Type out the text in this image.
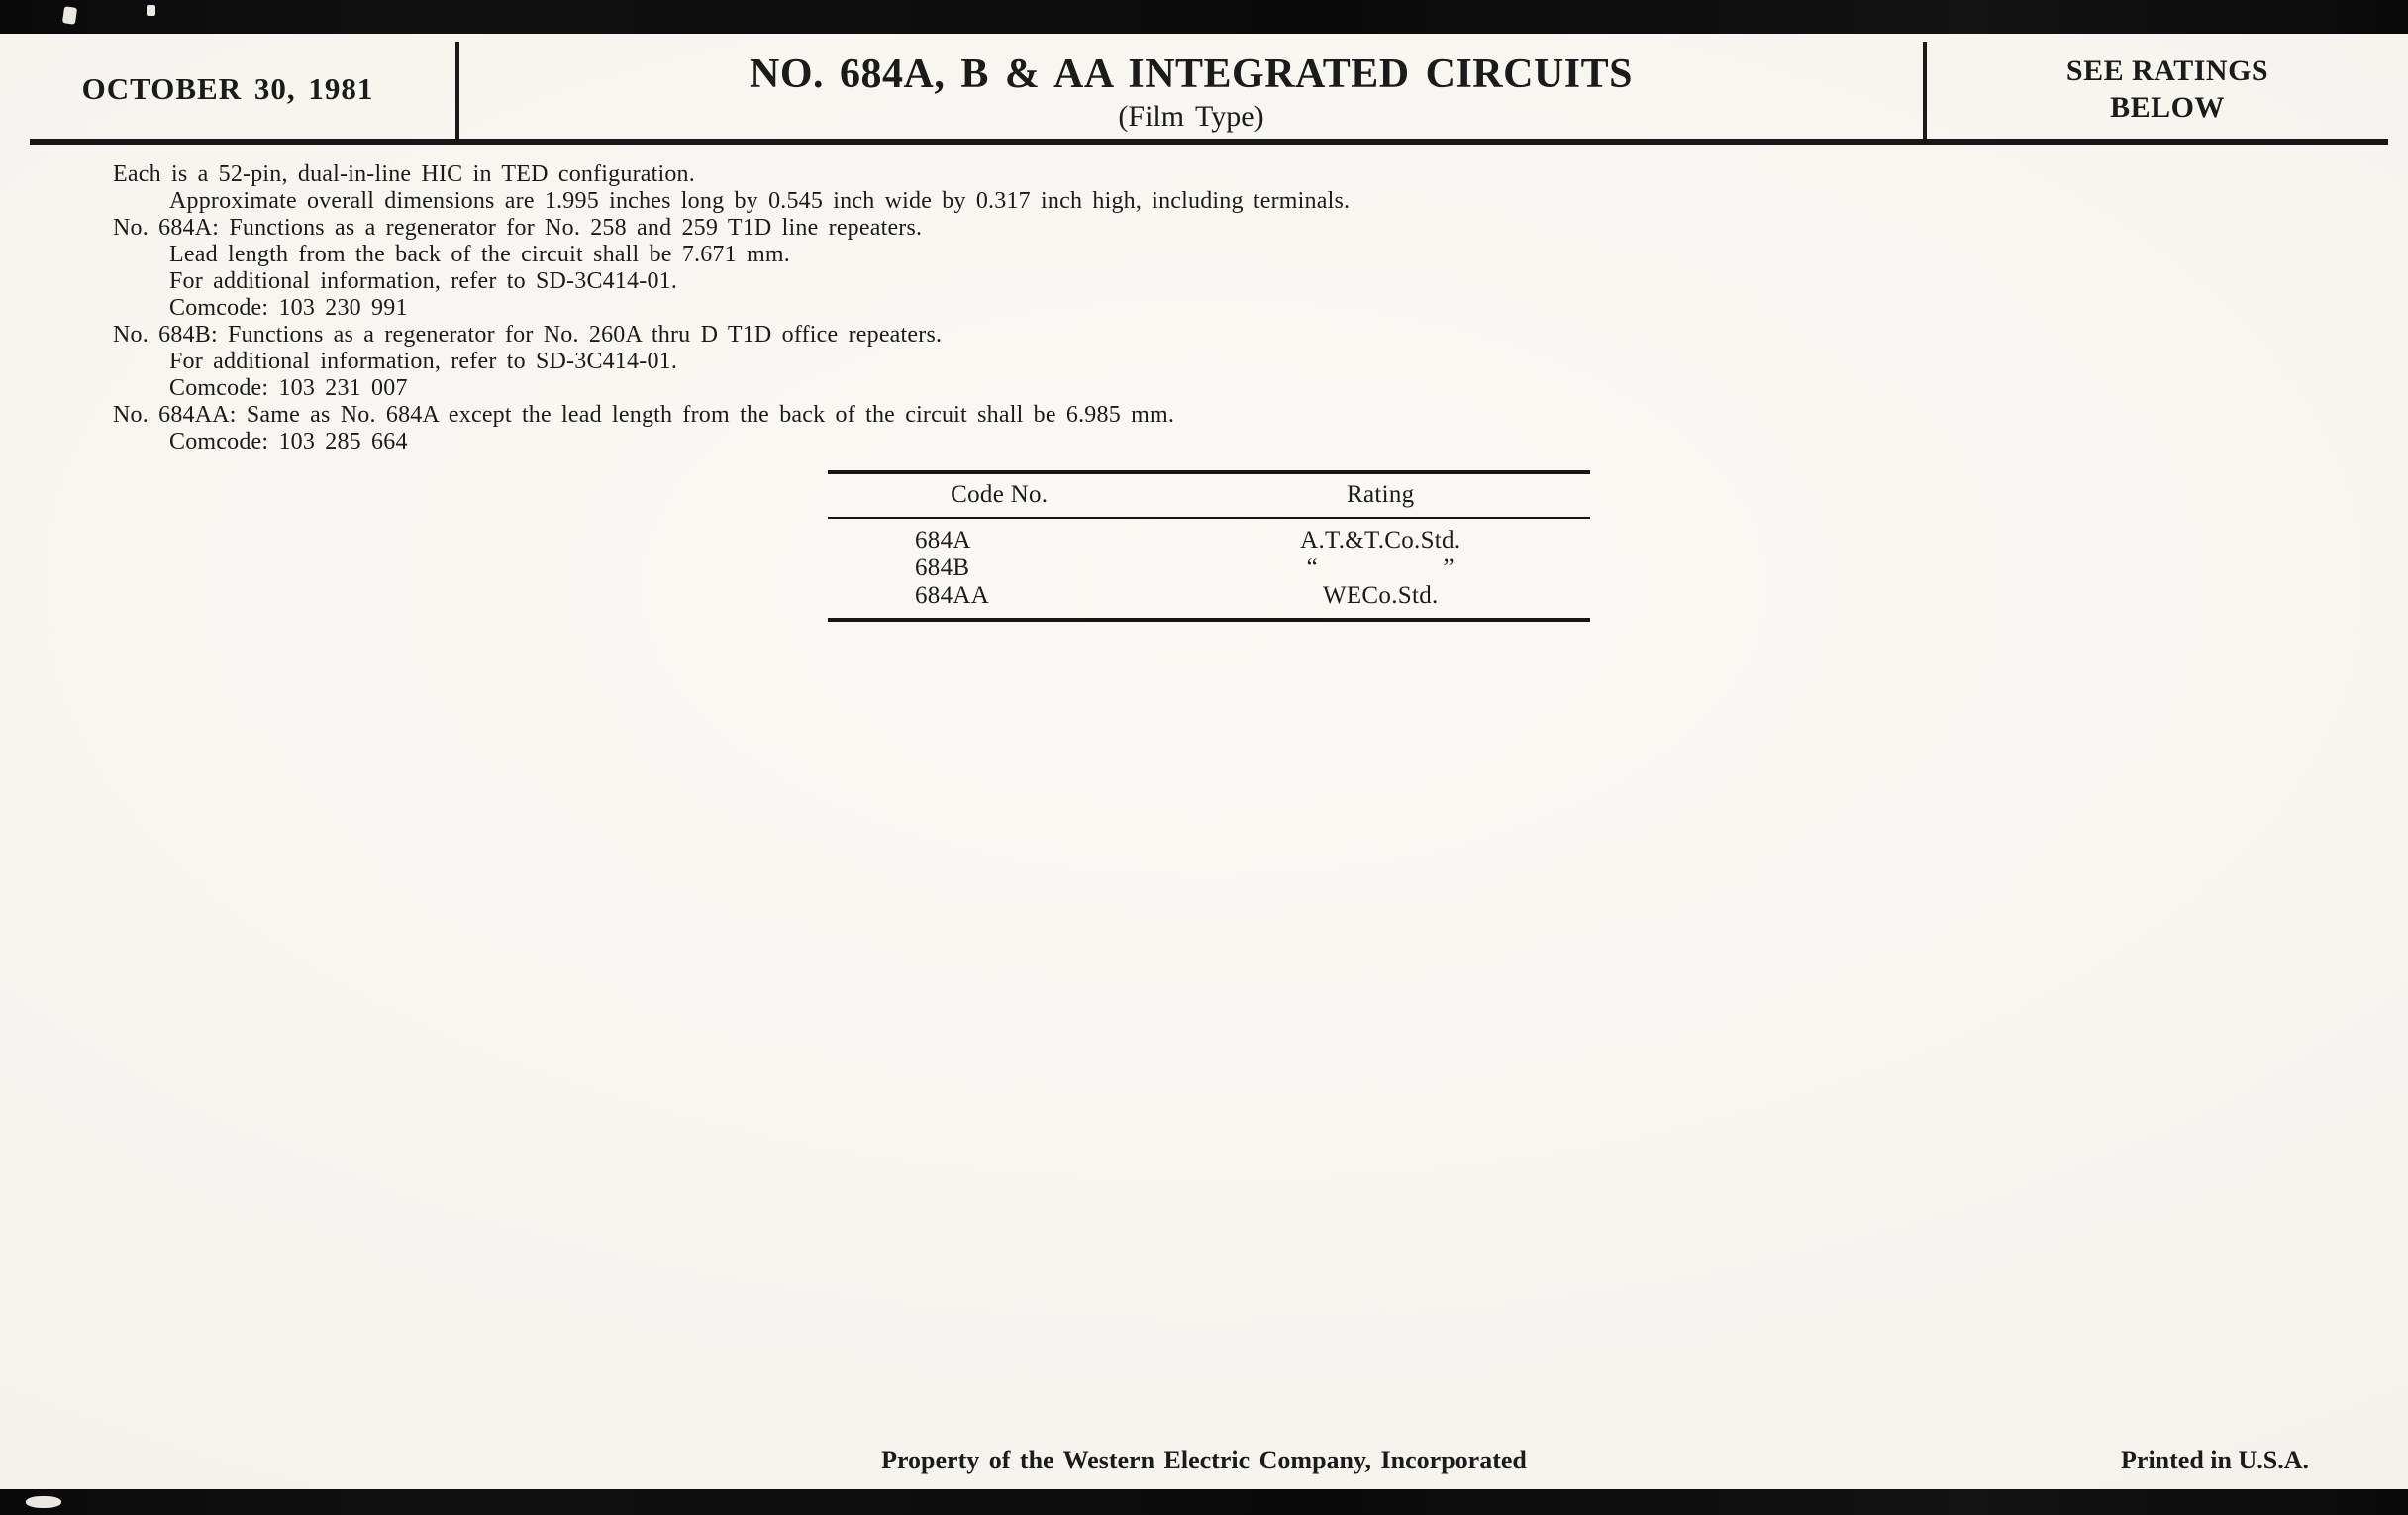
OCTOBER 30, 1981	NO. 684A, B & AA INTEGRATED CIRCUITS
(Film Type)
SEE RATINGS
BELOW
Each is a 52-pin, dual-in-line HIC in TED configuration.
Approximate overall dimensions are 1.995 inches long by 0.545 inch wide by 0.317 inch high, including terminals.
No. 684A: Functions as a regenerator for No. 258 and 259 T1D line repeaters.
Lead length from the back of the circuit shall be 7.671 mm.
For additional information, refer to SD-3C414-01.
Comcode: 103 230 991
No. 684B: Functions as a regenerator for No. 260A thru D T1D office repeaters.
For additional information, refer to SD-3C414-01.
Comcode: 103 231 007
No. 684AA: Same as No. 684A except the lead length from the back of the circuit shall be 6.985 mm.
Comcode: 103 285 664
Code No.	Rating
684A	A.T.&T.Co.Std.
684B	“     ”
684AA	WECo.Std.
Property of the Western Electric Company, Incorporated	Printed in U.S.A.
